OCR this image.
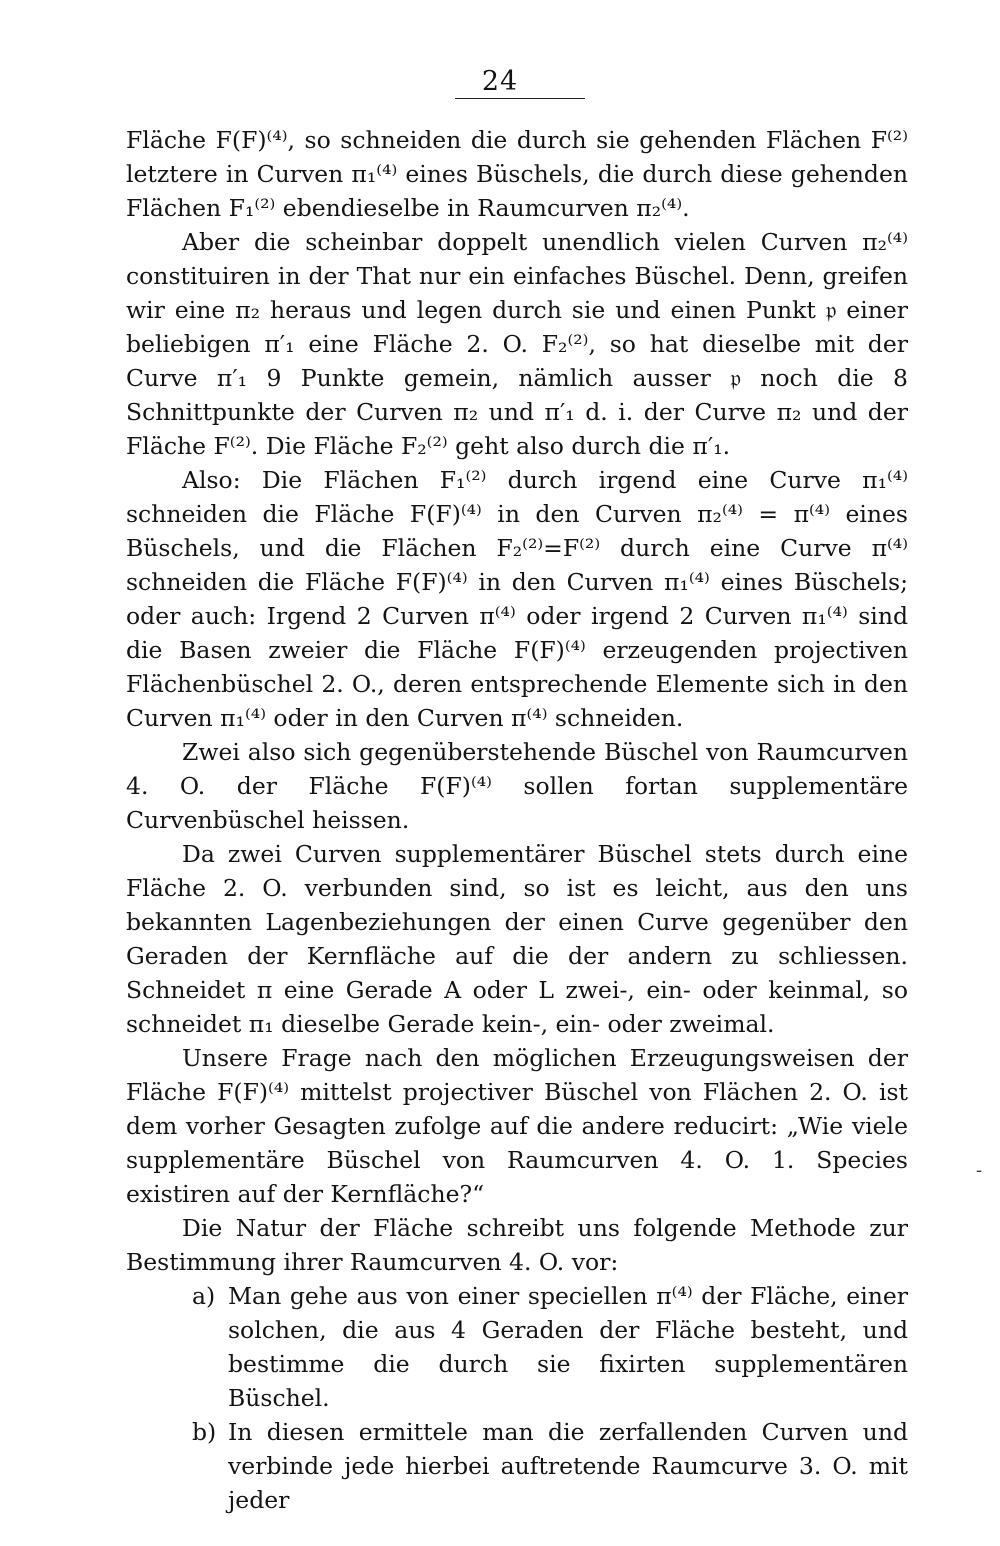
24

Fläche F(F)⁽⁴⁾, so schneiden die durch sie gehenden Flächen F⁽²⁾ letztere in Curven π₁⁽⁴⁾ eines Büschels, die durch diese gehenden Flächen F₁⁽²⁾ ebendieselbe in Raumcurven π₂⁽⁴⁾.

Aber die scheinbar doppelt unendlich vielen Curven π₂⁽⁴⁾ constituiren in der That nur ein einfaches Büschel. Denn, greifen wir eine π₂ heraus und legen durch sie und einen Punkt 𝔭 einer beliebigen π′₁ eine Fläche 2. O. F₂⁽²⁾, so hat dieselbe mit der Curve π′₁ 9 Punkte gemein, nämlich ausser 𝔭 noch die 8 Schnittpunkte der Curven π₂ und π′₁ d. i. der Curve π₂ und der Fläche F⁽²⁾. Die Fläche F₂⁽²⁾ geht also durch die π′₁.

Also: Die Flächen F₁⁽²⁾ durch irgend eine Curve π₁⁽⁴⁾ schneiden die Fläche F(F)⁽⁴⁾ in den Curven π₂⁽⁴⁾ = π⁽⁴⁾ eines Büschels, und die Flächen F₂⁽²⁾=F⁽²⁾ durch eine Curve π⁽⁴⁾ schneiden die Fläche F(F)⁽⁴⁾ in den Curven π₁⁽⁴⁾ eines Büschels; oder auch: Irgend 2 Curven π⁽⁴⁾ oder irgend 2 Curven π₁⁽⁴⁾ sind die Basen zweier die Fläche F(F)⁽⁴⁾ erzeugenden projectiven Flächenbüschel 2. O., deren entsprechende Elemente sich in den Curven π₁⁽⁴⁾ oder in den Curven π⁽⁴⁾ schneiden.

Zwei also sich gegenüberstehende Büschel von Raumcurven 4. O. der Fläche F(F)⁽⁴⁾ sollen fortan supplementäre Curvenbüschel heissen.

Da zwei Curven supplementärer Büschel stets durch eine Fläche 2. O. verbunden sind, so ist es leicht, aus den uns bekannten Lagenbeziehungen der einen Curve gegenüber den Geraden der Kernfläche auf die der andern zu schliessen. Schneidet π eine Gerade A oder L zwei-, ein- oder keinmal, so schneidet π₁ dieselbe Gerade kein-, ein- oder zweimal.

Unsere Frage nach den möglichen Erzeugungsweisen der Fläche F(F)⁽⁴⁾ mittelst projectiver Büschel von Flächen 2. O. ist dem vorher Gesagten zufolge auf die andere reducirt: „Wie viele supplementäre Büschel von Raumcurven 4. O. 1. Species existiren auf der Kernfläche?“

Die Natur der Fläche schreibt uns folgende Methode zur Bestimmung ihrer Raumcurven 4. O. vor:

a) Man gehe aus von einer speciellen π⁽⁴⁾ der Fläche, einer solchen, die aus 4 Geraden der Fläche besteht, und bestimme die durch sie fixirten supplementären Büschel.

b) In diesen ermittele man die zerfallenden Curven und verbinde jede hierbei auftretende Raumcurve 3. O. mit jeder

-
